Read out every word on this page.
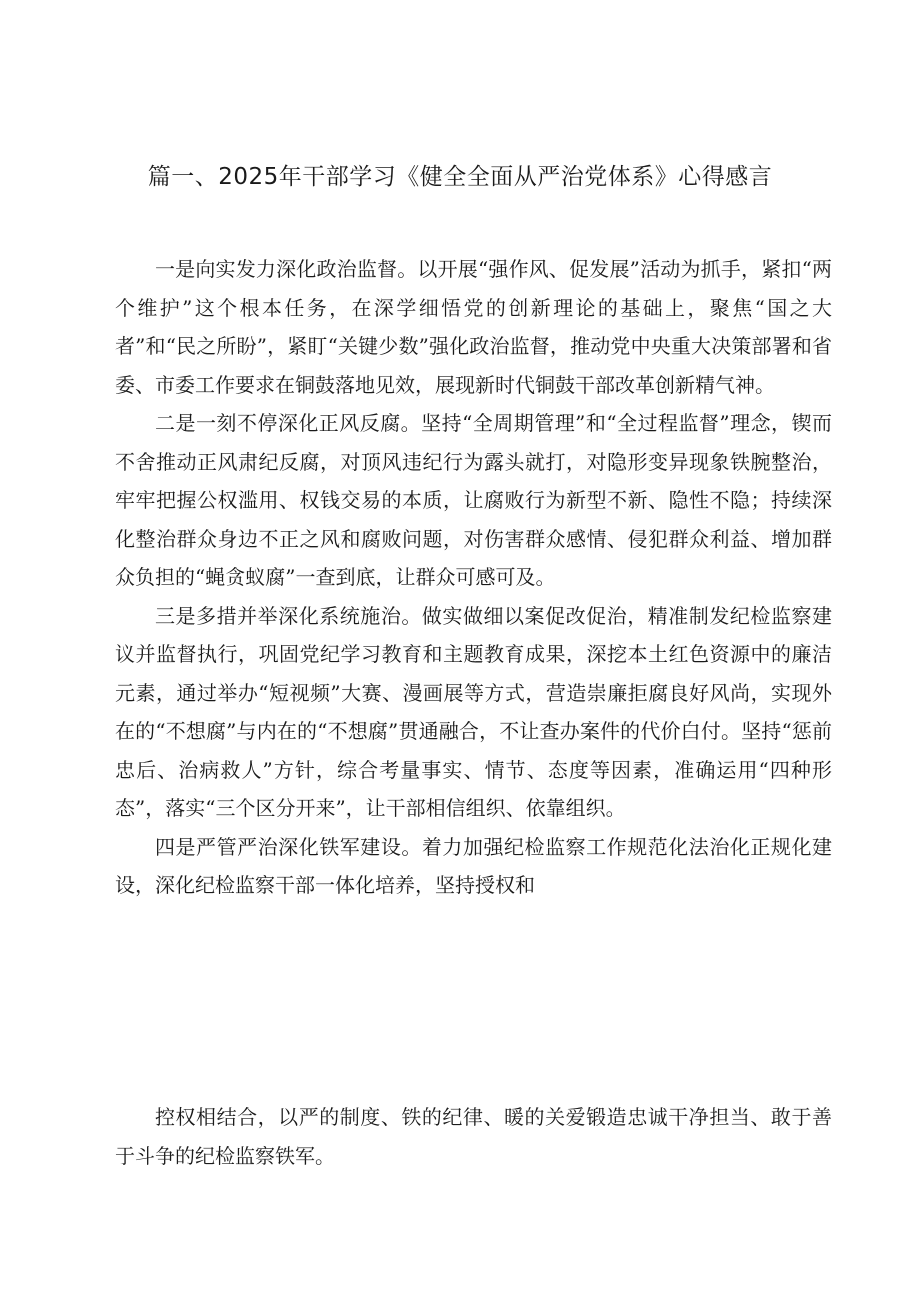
篇一、2025年干部学习《健全全面从严治党体系》心得感言

一是向实发力深化政治监督。以开展“强作风、促发展”活动为抓手，紧扣“两个维护”这个根本任务，在深学细悟党的创新理论的基础上，聚焦“国之大者”和“民之所盼”，紧盯“关键少数”强化政治监督，推动党中央重大决策部署和省委、市委工作要求在铜鼓落地见效，展现新时代铜鼓干部改革创新精气神。

二是一刻不停深化正风反腐。坚持“全周期管理”和“全过程监督”理念，锲而不舍推动正风肃纪反腐，对顶风违纪行为露头就打，对隐形变异现象铁腕整治，牢牢把握公权滥用、权钱交易的本质，让腐败行为新型不新、隐性不隐；持续深化整治群众身边不正之风和腐败问题，对伤害群众感情、侵犯群众利益、增加群众负担的“蝇贪蚁腐”一查到底，让群众可感可及。

三是多措并举深化系统施治。做实做细以案促改促治，精准制发纪检监察建议并监督执行，巩固党纪学习教育和主题教育成果，深挖本土红色资源中的廉洁元素，通过举办“短视频”大赛、漫画展等方式，营造崇廉拒腐良好风尚，实现外在的“不想腐”与内在的“不想腐”贯通融合，不让查办案件的代价白付。坚持“惩前忠后、治病救人”方针，综合考量事实、情节、态度等因素，准确运用“四种形态”，落实“三个区分开来”，让干部相信组织、依靠组织。

四是严管严治深化铁军建设。着力加强纪检监察工作规范化法治化正规化建设，深化纪检监察干部一体化培养，坚持授权和

控权相结合，以严的制度、铁的纪律、暖的关爱锻造忠诚干净担当、敢于善于斗争的纪检监察铁军。
